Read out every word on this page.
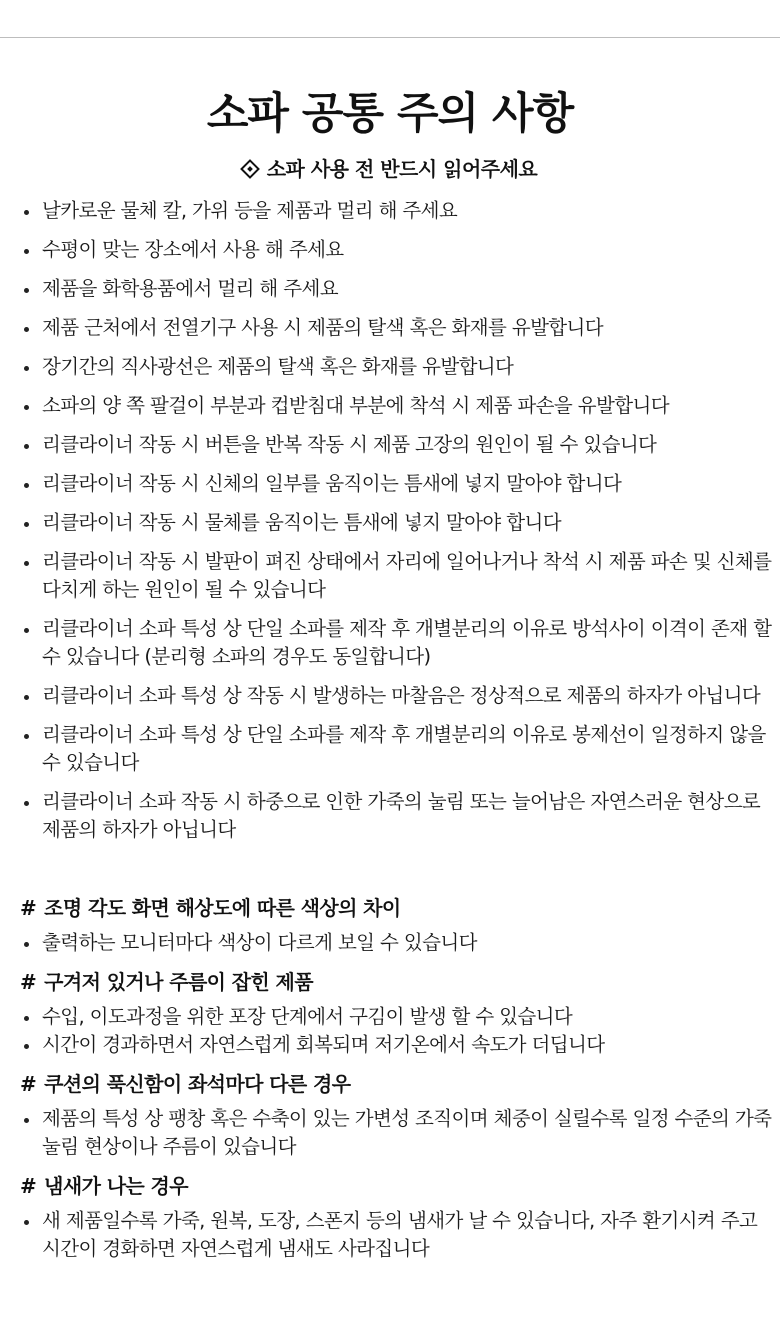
소파 공통 주의 사항
소파 사용 전 반드시 읽어주세요
날카로운 물체 칼, 가위 등을 제품과 멀리 해 주세요
수평이 맞는 장소에서 사용 해 주세요
제품을 화학용품에서 멀리 해 주세요
제품 근처에서 전열기구 사용 시 제품의 탈색 혹은 화재를 유발합니다
장기간의 직사광선은 제품의 탈색 혹은 화재를 유발합니다
소파의 양 쪽 팔걸이 부분과 컵받침대 부분에 착석 시 제품 파손을 유발합니다
리클라이너 작동 시 버튼을 반복 작동 시 제품 고장의 원인이 될 수 있습니다
리클라이너 작동 시 신체의 일부를 움직이는 틈새에 넣지 말아야 합니다
리클라이너 작동 시 물체를 움직이는 틈새에 넣지 말아야 합니다
리클라이너 작동 시 발판이 펴진 상태에서 자리에 일어나거나 착석 시 제품 파손 및 신체를 다치게 하는 원인이 될 수 있습니다
리클라이너 소파 특성 상 단일 소파를 제작 후 개별분리의 이유로 방석사이 이격이 존재 할 수 있습니다 (분리형 소파의 경우도 동일합니다)
리클라이너 소파 특성 상 작동 시 발생하는 마찰음은 정상적으로 제품의 하자가 아닙니다
리클라이너 소파 특성 상 단일 소파를 제작 후 개별분리의 이유로 봉제선이 일정하지 않을 수 있습니다
리클라이너 소파 작동 시 하중으로 인한 가죽의 눌림 또는 늘어남은 자연스러운 현상으로 제품의 하자가 아닙니다
# 조명 각도 화면 해상도에 따른 색상의 차이
출력하는 모니터마다 색상이 다르게 보일 수 있습니다
# 구겨저 있거나 주름이 잡힌 제품
수입, 이도과정을 위한 포장 단계에서 구김이 발생 할 수 있습니다
시간이 경과하면서 자연스럽게 회복되며 저기온에서 속도가 더딥니다
# 쿠션의 푹신함이 좌석마다 다른 경우
제품의 특성 상 팽창 혹은 수축이 있는 가변성 조직이며 체중이 실릴수록 일정 수준의 가죽눌림 현상이나 주름이 있습니다
# 냄새가 나는 경우
새 제품일수록 가죽, 원복, 도장, 스폰지 등의 냄새가 날 수 있습니다, 자주 환기시켜 주고 시간이 경화하면 자연스럽게 냄새도 사라집니다
